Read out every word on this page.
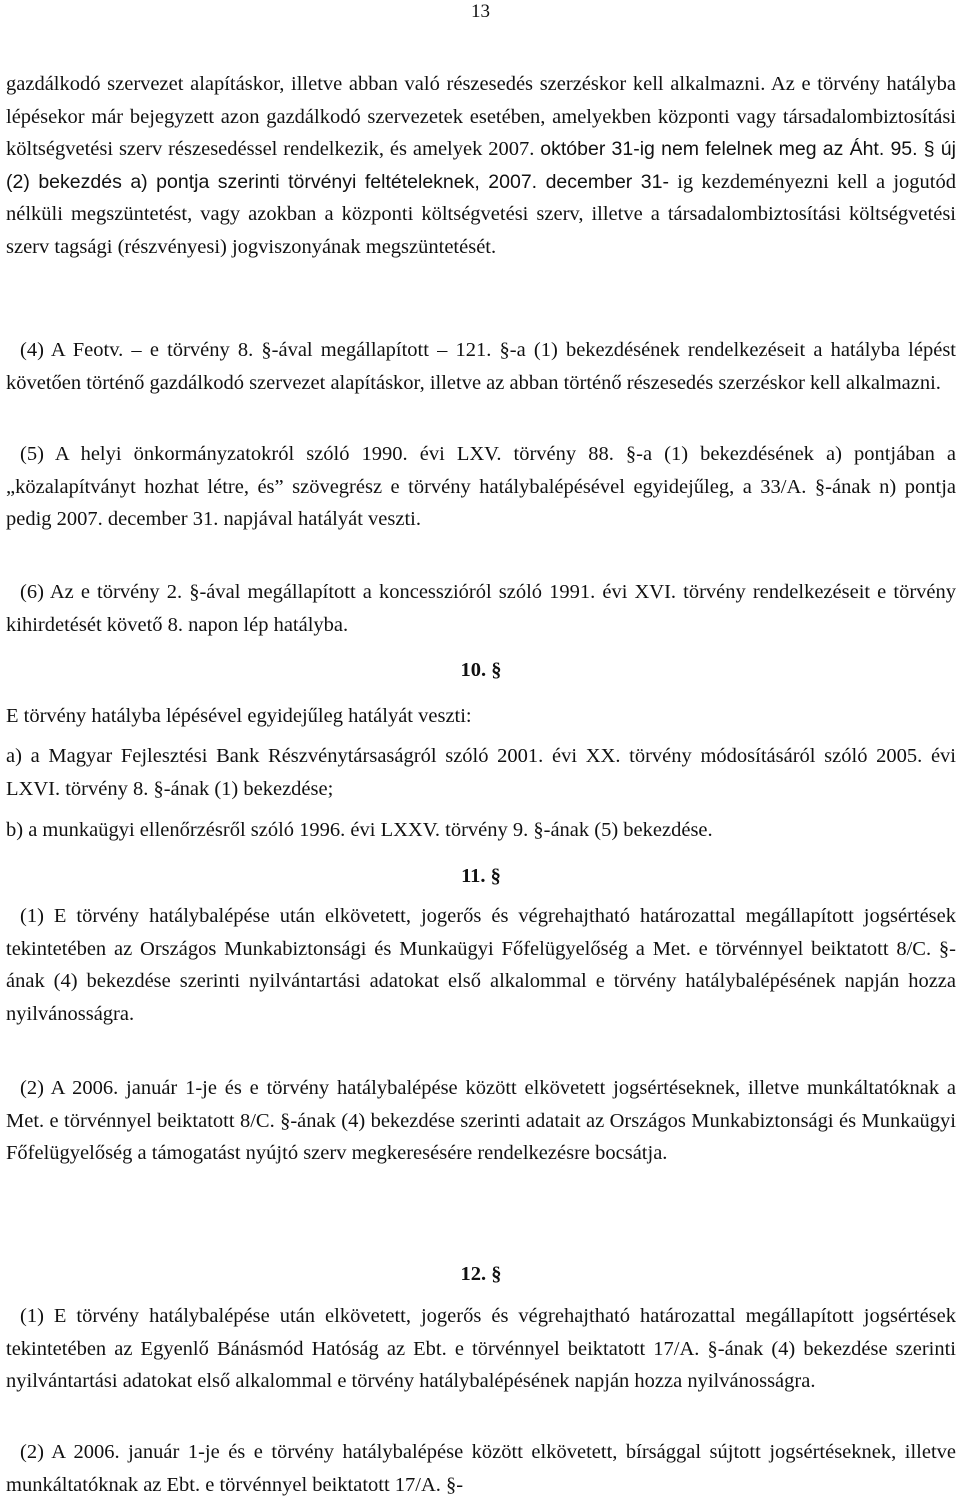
13

gazdálkodó szervezet alapításkor, illetve abban való részesedés szerzéskor kell alkalmazni. Az e törvény hatályba lépésekor már bejegyzett azon gazdálkodó szervezetek esetében, amelyekben központi vagy társadalombiztosítási költségvetési szerv részesedéssel rendelkezik, és amelyek 2007. október 31-ig nem felelnek meg az Áht. 95. § új (2) bekezdés a) pontja szerinti törvényi feltételeknek, 2007. december 31- ig kezdeményezni kell a jogutód nélküli megszüntetést, vagy azokban a központi költségvetési szerv, illetve a társadalombiztosítási költségvetési szerv tagsági (részvényesi) jogviszonyának megszüntetését.

(4) A Feotv. – e törvény 8. §-ával megállapított – 121. §-a (1) bekezdésének rendelkezéseit a hatályba lépést követően történő gazdálkodó szervezet alapításkor, illetve az abban történő részesedés szerzéskor kell alkalmazni.

(5) A helyi önkormányzatokról szóló 1990. évi LXV. törvény 88. §-a (1) bekezdésének a) pontjában a „közalapítványt hozhat létre, és” szövegrész e törvény hatálybalépésével egyidejűleg, a 33/A. §-ának n) pontja pedig 2007. december 31. napjával hatályát veszti.

(6) Az e törvény 2. §-ával megállapított a koncesszióról szóló 1991. évi XVI. törvény rendelkezéseit e törvény kihirdetését követő 8. napon lép hatályba.

10. §

E törvény hatályba lépésével egyidejűleg hatályát veszti:

a) a Magyar Fejlesztési Bank Részvénytársaságról szóló 2001. évi XX. törvény módosításáról szóló 2005. évi LXVI. törvény 8. §-ának (1) bekezdése;

b) a munkaügyi ellenőrzésről szóló 1996. évi LXXV. törvény 9. §-ának (5) bekezdése.

11. §

(1) E törvény hatálybalépése után elkövetett, jogerős és végrehajtható határozattal megállapított jogsértések tekintetében az Országos Munkabiztonsági és Munkaügyi Főfelügyelőség a Met. e törvénnyel beiktatott 8/C. §-ának (4) bekezdése szerinti nyilvántartási adatokat első alkalommal e törvény hatálybalépésének napján hozza nyilvánosságra.

(2) A 2006. január 1-je és e törvény hatálybalépése között elkövetett jogsértéseknek, illetve munkáltatóknak a Met. e törvénnyel beiktatott 8/C. §-ának (4) bekezdése szerinti adatait az Országos Munkabiztonsági és Munkaügyi Főfelügyelőség a támogatást nyújtó szerv megkeresésére rendelkezésre bocsátja.

12. §

(1) E törvény hatálybalépése után elkövetett, jogerős és végrehajtható határozattal megállapított jogsértések tekintetében az Egyenlő Bánásmód Hatóság az Ebt. e törvénnyel beiktatott 17/A. §-ának (4) bekezdése szerinti nyilvántartási adatokat első alkalommal e törvény hatálybalépésének napján hozza nyilvánosságra.

(2) A 2006. január 1-je és e törvény hatálybalépése között elkövetett, bírsággal sújtott jogsértéseknek, illetve munkáltatóknak az Ebt. e törvénnyel beiktatott 17/A. §-
